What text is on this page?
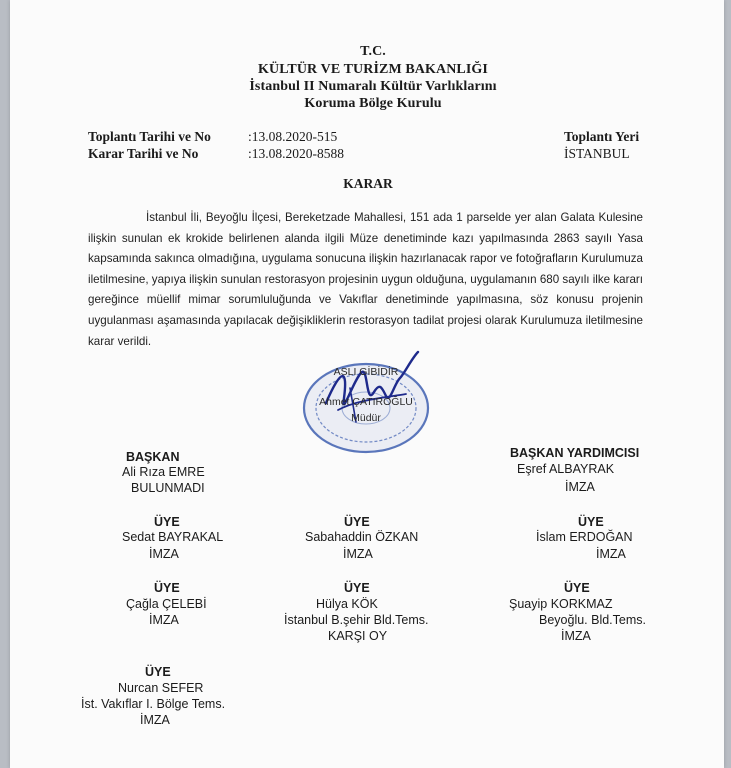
T.C.
KÜLTÜR VE TURİZM BAKANLIĞI
İstanbul II Numaralı Kültür Varlıklarını
Koruma Bölge Kurulu
Toplantı Tarihi ve No	:13.08.2020-515
Karar Tarihi ve No	:13.08.2020-8588
Toplantı Yeri
İSTANBUL
KARAR

İstanbul İli, Beyoğlu İlçesi, Bereketzade Mahallesi, 151 ada 1 parselde yer alan Galata Kulesine ilişkin sunulan ek krokide belirlenen alanda ilgili Müze denetiminde kazı yapılmasında 2863 sayılı Yasa kapsamında sakınca olmadığına, uygulama sonucuna ilişkin hazırlanacak rapor ve fotoğrafların Kurulumuza iletilmesine, yapıya ilişkin sunulan restorasyon projesinin uygun olduğuna, uygulamanın 680 sayılı ilke kararı gereğince müellif mimar sorumluluğunda ve Vakıflar denetiminde yapılmasına, söz konusu projenin uygulanması aşamasında yapılacak değişikliklerin restorasyon tadilat projesi olarak Kurulumuza iletilmesine karar verildi.

ASLI GİBİDİR
Ahmet ÇATIROĞLU
Müdür
BAŞKAN
Ali Rıza EMRE
BULUNMADI
BAŞKAN YARDIMCISI
Eşref ALBAYRAK
İMZA
ÜYE
Sedat BAYRAKAL
İMZA
ÜYE
Sabahaddin ÖZKAN
İMZA
ÜYE
İslam ERDOĞAN
İMZA
ÜYE
Çağla ÇELEBİ
İMZA
ÜYE
Hülya KÖK
İstanbul B.şehir Bld.Tems.
KARŞI OY
ÜYE
Şuayip KORKMAZ
Beyoğlu. Bld.Tems.
İMZA
ÜYE
Nurcan SEFER
İst. Vakıflar I. Bölge Tems.
İMZA
